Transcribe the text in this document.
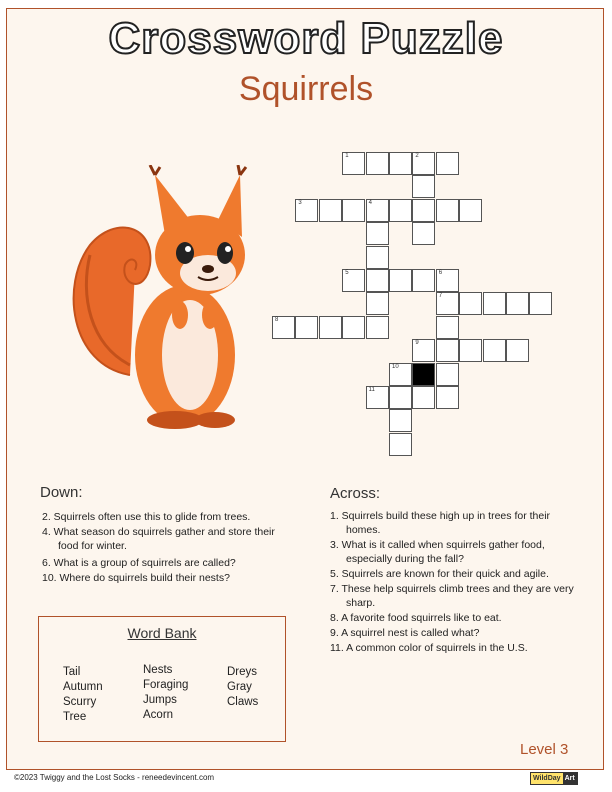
Crossword Puzzle
Squirrels
1	2
3	4
5	6
7
8
9
10
11
Down:
2. Squirrels often use this to glide from trees.
4. What season do squirrels gather and store their food for winter.
6. What is a group of squirrels are called?
10. Where do squirrels build their nests?
Across:
1. Squirrels build these high up in trees for their homes.
3. What is it called when squirrels gather food, especially during the fall?
5. Squirrels are known for their quick and agile.
7. These help squirrels climb trees and they are very sharp.
8. A favorite food squirrels like to eat.
9. A squirrel nest is called what?
11. A common color of squirrels in the U.S.
Word Bank
Tail
Autumn
Scurry
Tree
Nests
Foraging
Jumps
Acorn
Dreys
Gray
Claws
Level 3
©2023 Twiggy and the Lost Socks - reneedevincent.com	WildDay Art
